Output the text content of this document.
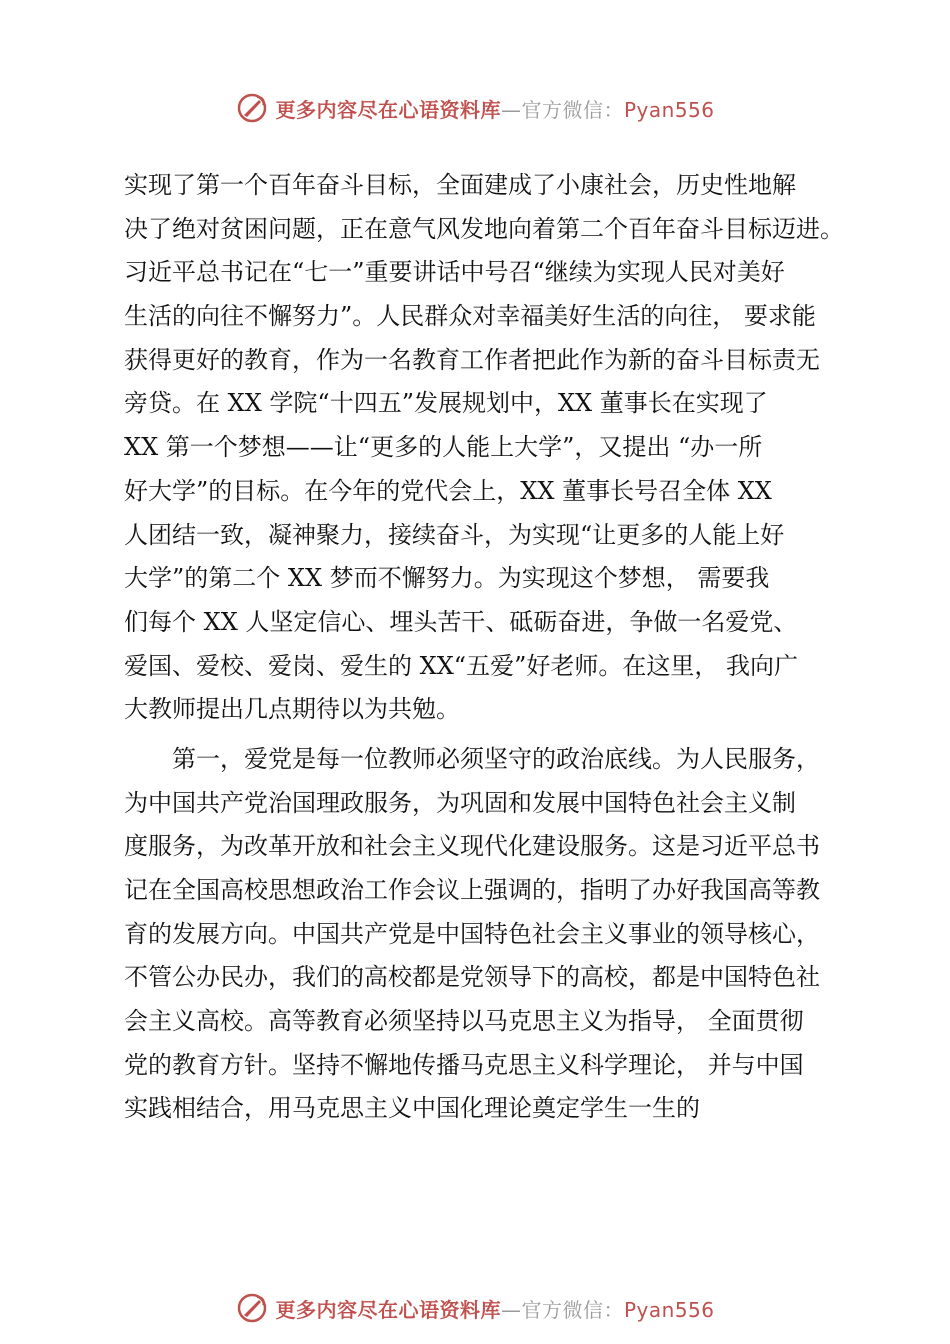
更多内容尽在心语资料库—官方微信：Pyan556
实现了第一个百年奋斗目标，全面建成了小康社会，历史性地解
决了绝对贫困问题，正在意气风发地向着第二个百年奋斗目标迈进。
习近平总书记在“七一”重要讲话中号召“继续为实现人民对美好
生活的向往不懈努力”。人民群众对幸福美好生活的向往， 要求能
获得更好的教育，作为一名教育工作者把此作为新的奋斗目标责无
旁贷。在 XX 学院“十四五”发展规划中，XX 董事长在实现了
XX 第一个梦想——让“更多的人能上大学”，又提出 “办一所
好大学”的目标。在今年的党代会上，XX 董事长号召全体 XX
人团结一致，凝神聚力，接续奋斗，为实现“让更多的人能上好
大学”的第二个 XX 梦而不懈努力。为实现这个梦想， 需要我
们每个 XX 人坚定信心、埋头苦干、砥砺奋进，争做一名爱党、
爱国、爱校、爱岗、爱生的 XX“五爱”好老师。在这里， 我向广
大教师提出几点期待以为共勉。
　　第一，爱党是每一位教师必须坚守的政治底线。为人民服务，
为中国共产党治国理政服务，为巩固和发展中国特色社会主义制
度服务，为改革开放和社会主义现代化建设服务。这是习近平总书
记在全国高校思想政治工作会议上强调的，指明了办好我国高等教
育的发展方向。中国共产党是中国特色社会主义事业的领导核心，
不管公办民办，我们的高校都是党领导下的高校，都是中国特色社
会主义高校。高等教育必须坚持以马克思主义为指导， 全面贯彻
党的教育方针。坚持不懈地传播马克思主义科学理论， 并与中国
实践相结合，用马克思主义中国化理论奠定学生一生的
更多内容尽在心语资料库—官方微信：Pyan556
